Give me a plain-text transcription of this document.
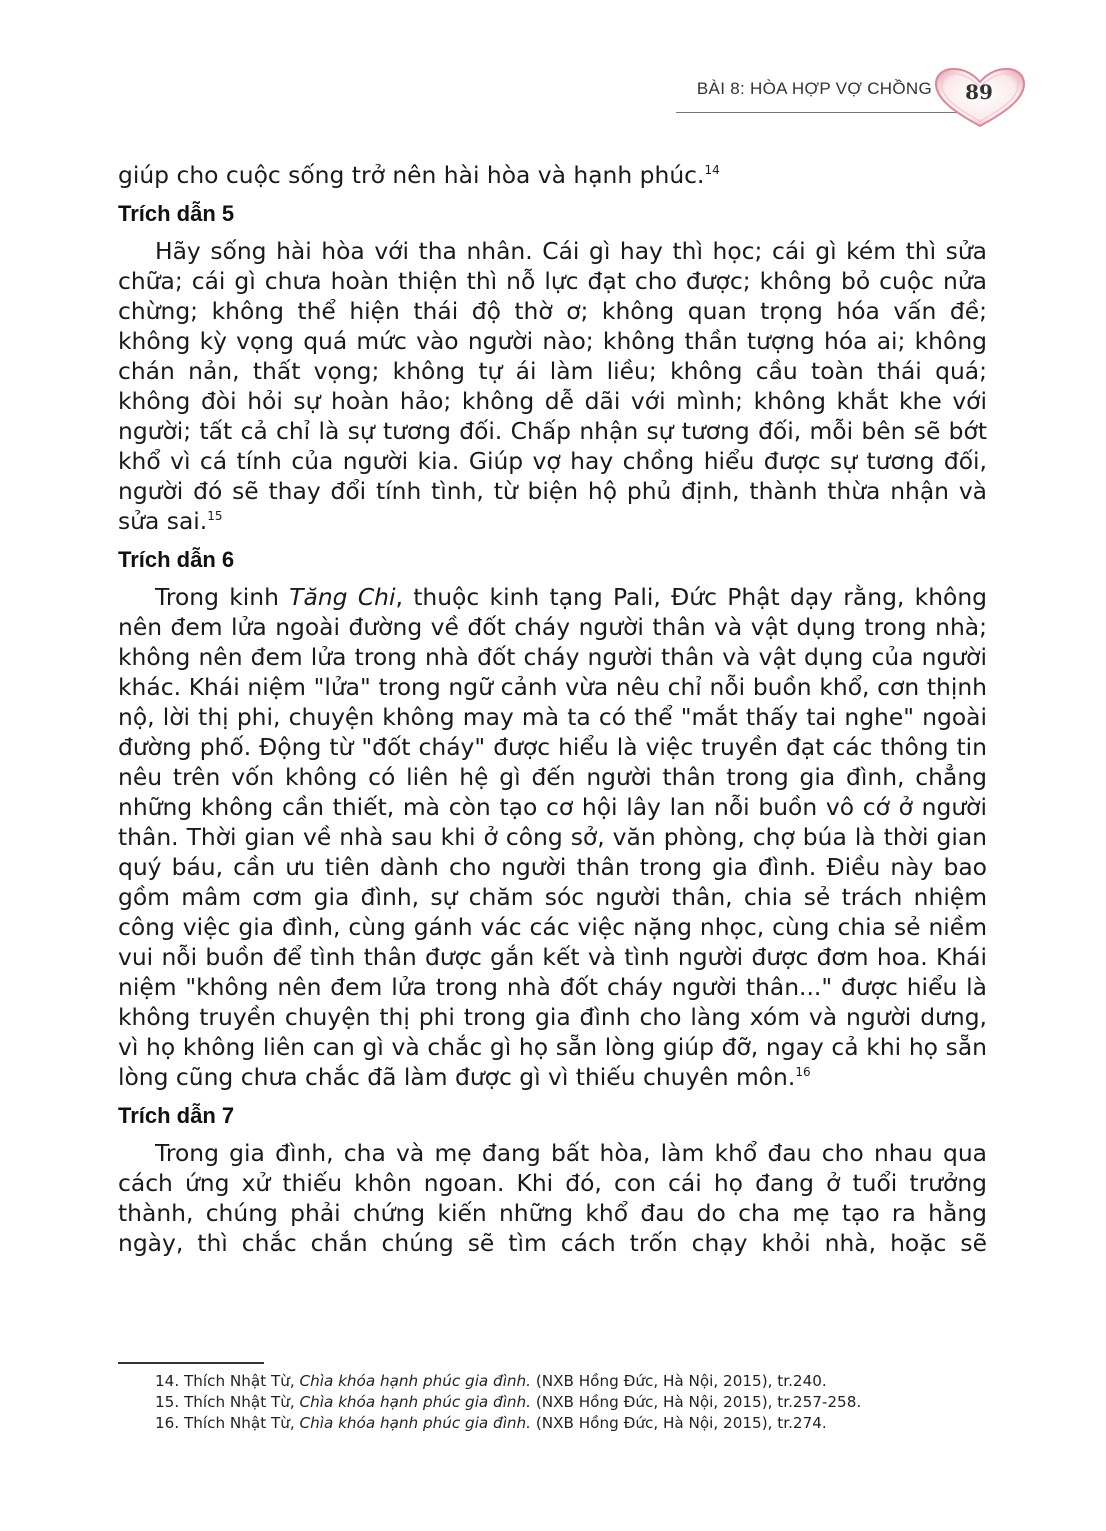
BÀI 8: HÒA HỢP VỢ CHỒNG	89

giúp cho cuộc sống trở nên hài hòa và hạnh phúc.$^{14}$

Trích dẫn 5

Hãy sống hài hòa với tha nhân. Cái gì hay thì học; cái gì kém thì sửa chữa; cái gì chưa hoàn thiện thì nỗ lực đạt cho được; không bỏ cuộc nửa chừng; không thể hiện thái độ thờ ơ; không quan trọng hóa vấn đề; không kỳ vọng quá mức vào người nào; không thần tượng hóa ai; không chán nản, thất vọng; không tự ái làm liều; không cầu toàn thái quá; không đòi hỏi sự hoàn hảo; không dễ dãi với mình; không khắt khe với người; tất cả chỉ là sự tương đối. Chấp nhận sự tương đối, mỗi bên sẽ bớt khổ vì cá tính của người kia. Giúp vợ hay chồng hiểu được sự tương đối, người đó sẽ thay đổi tính tình, từ biện hộ phủ định, thành thừa nhận và sửa sai.$^{15}$

Trích dẫn 6

Trong kinh Tăng Chi, thuộc kinh tạng Pali, Đức Phật dạy rằng, không nên đem lửa ngoài đường về đốt cháy người thân và vật dụng trong nhà; không nên đem lửa trong nhà đốt cháy người thân và vật dụng của người khác. Khái niệm "lửa" trong ngữ cảnh vừa nêu chỉ nỗi buồn khổ, cơn thịnh nộ, lời thị phi, chuyện không may mà ta có thể "mắt thấy tai nghe" ngoài đường phố. Động từ "đốt cháy" được hiểu là việc truyền đạt các thông tin nêu trên vốn không có liên hệ gì đến người thân trong gia đình, chẳng những không cần thiết, mà còn tạo cơ hội lây lan nỗi buồn vô cớ ở người thân. Thời gian về nhà sau khi ở công sở, văn phòng, chợ búa là thời gian quý báu, cần ưu tiên dành cho người thân trong gia đình. Điều này bao gồm mâm cơm gia đình, sự chăm sóc người thân, chia sẻ trách nhiệm công việc gia đình, cùng gánh vác các việc nặng nhọc, cùng chia sẻ niềm vui nỗi buồn để tình thân được gắn kết và tình người được đơm hoa. Khái niệm "không nên đem lửa trong nhà đốt cháy người thân..." được hiểu là không truyền chuyện thị phi trong gia đình cho làng xóm và người dưng, vì họ không liên can gì và chắc gì họ sẵn lòng giúp đỡ, ngay cả khi họ sẵn lòng cũng chưa chắc đã làm được gì vì thiếu chuyên môn.$^{16}$

Trích dẫn 7

Trong gia đình, cha và mẹ đang bất hòa, làm khổ đau cho nhau qua cách ứng xử thiếu khôn ngoan. Khi đó, con cái họ đang ở tuổi trưởng thành, chúng phải chứng kiến những khổ đau do cha mẹ tạo ra hằng ngày, thì chắc chắn chúng sẽ tìm cách trốn chạy khỏi nhà, hoặc sẽ

14. Thích Nhật Từ, Chìa khóa hạnh phúc gia đình. (NXB Hồng Đức, Hà Nội, 2015), tr.240.
15. Thích Nhật Từ, Chìa khóa hạnh phúc gia đình. (NXB Hồng Đức, Hà Nội, 2015), tr.257-258.
16. Thích Nhật Từ, Chìa khóa hạnh phúc gia đình. (NXB Hồng Đức, Hà Nội, 2015), tr.274.
